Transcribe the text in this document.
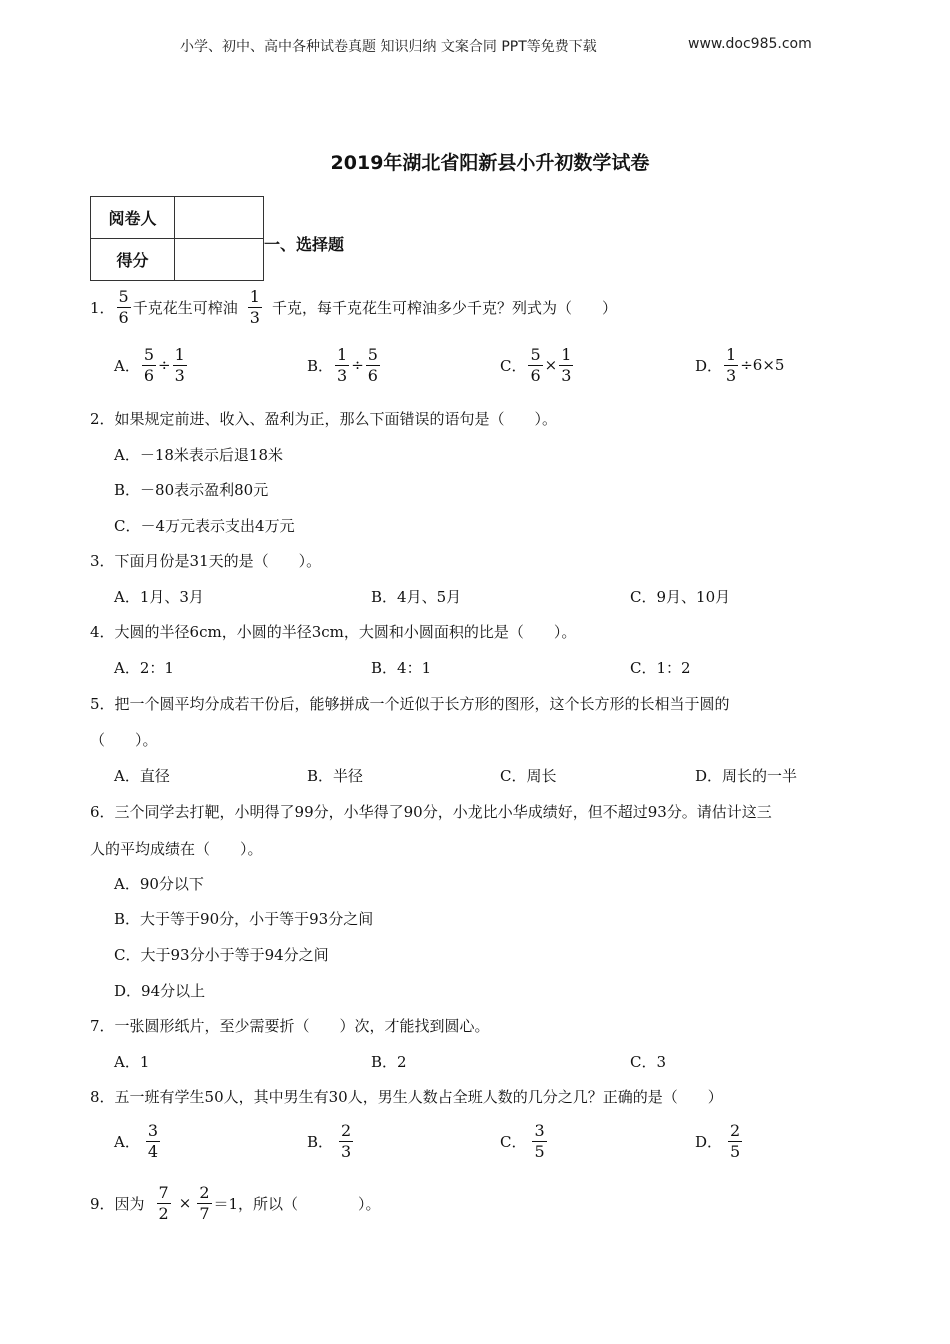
小学、初中、高中各种试卷真题 知识归纳 文案合同 PPT等免费下载	www.doc985.com
2019年湖北省阳新县小升初数学试卷
阅卷人	
得分	
一、选择题
1． $\frac{5}{6}$ 千克花生可榨油 $\frac{1}{3}$ 千克，每千克花生可榨油多少千克？列式为（　　）
A． $\frac{5}{6} \div \frac{1}{3}$	B． $\frac{1}{3} \div \frac{5}{6}$	C． $\frac{5}{6} \times \frac{1}{3}$	D． $\frac{1}{3} \div 6\times 5$
2．如果规定前进、收入、盈利为正，那么下面错误的语句是（　　）。
A．－18米表示后退18米
B．－80表示盈利80元
C．－4万元表示支出4万元
3．下面月份是31天的是（　　）。
A．1月、3月	B．4月、5月	C．9月、10月
4．大圆的半径6cm，小圆的半径3cm，大圆和小圆面积的比是（　　）。
A．2：1	B．4：1	C．1：2
5．把一个圆平均分成若干份后，能够拼成一个近似于长方形的图形，这个长方形的长相当于圆的
（　　）。
A．直径	B．半径	C．周长	D．周长的一半
6．三个同学去打靶，小明得了99分，小华得了90分，小龙比小华成绩好，但不超过93分。请估计这三
人的平均成绩在（　　）。
A．90分以下
B．大于等于90分，小于等于93分之间
C．大于93分小于等于94分之间
D．94分以上
7．一张圆形纸片，至少需要折（　　）次，才能找到圆心。
A．1	B．2	C．3
8．五一班有学生50人，其中男生有30人，男生人数占全班人数的几分之几？正确的是（　　）
A． $\frac{3}{4}$	B． $\frac{2}{3}$	C． $\frac{3}{5}$	D． $\frac{2}{5}$
9．因为 $\frac{7}{2} \times \frac{2}{7} =1$，所以（　　　　）。
